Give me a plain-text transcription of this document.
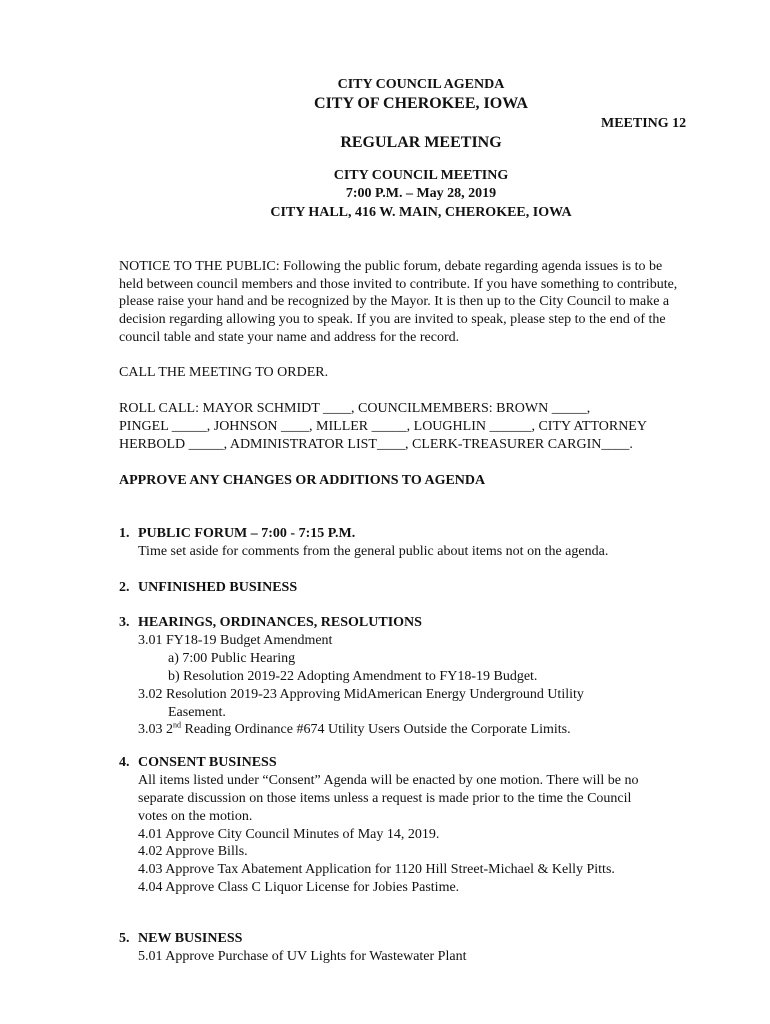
CITY COUNCIL AGENDA
CITY OF CHEROKEE, IOWA
MEETING 12
REGULAR MEETING
CITY COUNCIL MEETING
7:00 P.M. – May 28, 2019
CITY HALL, 416 W. MAIN, CHEROKEE, IOWA
NOTICE TO THE PUBLIC: Following the public forum, debate regarding agenda issues is to be
held between council members and those invited to contribute. If you have something to contribute,
please raise your hand and be recognized by the Mayor. It is then up to the City Council to make a
decision regarding allowing you to speak. If you are invited to speak, please step to the end of the
council table and state your name and address for the record.
CALL THE MEETING TO ORDER.
ROLL CALL: MAYOR SCHMIDT ____, COUNCILMEMBERS: BROWN _____,
PINGEL _____, JOHNSON ____, MILLER _____, LOUGHLIN ______, CITY ATTORNEY
HERBOLD _____, ADMINISTRATOR LIST____, CLERK-TREASURER CARGIN____.
APPROVE ANY CHANGES OR ADDITIONS TO AGENDA
1. PUBLIC FORUM – 7:00 - 7:15 P.M.
Time set aside for comments from the general public about items not on the agenda.
2. UNFINISHED BUSINESS
3. HEARINGS, ORDINANCES, RESOLUTIONS
3.01 FY18-19 Budget Amendment
a) 7:00 Public Hearing
b) Resolution 2019-22 Adopting Amendment to FY18-19 Budget.
3.02 Resolution 2019-23 Approving MidAmerican Energy Underground Utility
Easement.
3.03 2nd Reading Ordinance #674 Utility Users Outside the Corporate Limits.
4. CONSENT BUSINESS
All items listed under “Consent” Agenda will be enacted by one motion. There will be no
separate discussion on those items unless a request is made prior to the time the Council
votes on the motion.
4.01 Approve City Council Minutes of May 14, 2019.
4.02 Approve Bills.
4.03 Approve Tax Abatement Application for 1120 Hill Street-Michael & Kelly Pitts.
4.04 Approve Class C Liquor License for Jobies Pastime.
5. NEW BUSINESS
5.01 Approve Purchase of UV Lights for Wastewater Plant
